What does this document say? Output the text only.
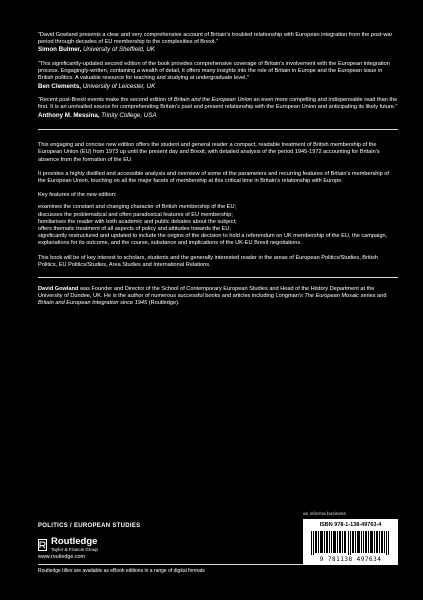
“David Gowland presents a clear and very comprehensive account of Britain’s troubled relationship with European integration from the post-war period through decades of EU membership to the complexities of Brexit.”

Simon Bulmer, University of Sheffield, UK

“This significantly-updated second edition of the book provides comprehensive coverage of Britain’s involvement with the European integration process. Engagingly-written, containing a wealth of detail, it offers many insights into the role of Britain in Europe and the European issue in British politics. A valuable resource for teaching and studying at undergraduate level.”

Ben Clements, University of Leicester, UK

“Recent post-Brexit events make the second edition of Britain and the European Union an even more compelling and indispensable read than the first. It is an unrivalled source for comprehending Britain’s past and present relationship with the European Union and anticipating its likely future.”

Anthony M. Messina, Trinity College, USA

This engaging and concise new edition offers the student and general reader a compact, readable treatment of British membership of the European Union (EU) from 1973 up until the present day and Brexit, with detailed analysis of the period 1945-1972 accounting for Britain’s absence from the formation of the EU.

It provides a highly distilled and accessible analysis and overview of some of the parameters and recurring features of Britain’s membership of the European Union, touching on all the major facets of membership at this critical time in Britain’s relationship with Europe.

Key features of the new edition:

examines the constant and changing character of British membership of the EU;
discusses the problematical and often paradoxical features of EU membership;
familiarises the reader with both academic and public debates about the subject;
offers thematic treatment of all aspects of policy and attitudes towards the EU;
significantly restructured and updated to include the origins of the decision to hold a referendum on UK membership of the EU, the campaign, explanations for its outcome, and the course, substance and implications of the UK-EU Brexit negotiations.

This book will be of key interest to scholars, students and the generally interested reader in the areas of European Politics/Studies, British Politics, EU Politics/Studies, Area Studies and International Relations.

David Gowland was Founder and Director of the School of Contemporary European Studies and Head of the History Department at the University of Dundee, UK. He is the author of numerous successful books and articles including Longman’s The European Mosaic series and Britain and European Integration since 1945 (Routledge).

POLITICS / EUROPEAN STUDIES
Routledge
Taylor & Francis Group
www.routledge.com
an informa business
ISBN 978-1-138-49763-4
9 781138 497634
Routledge titles are available as eBook editions in a range of digital formats
